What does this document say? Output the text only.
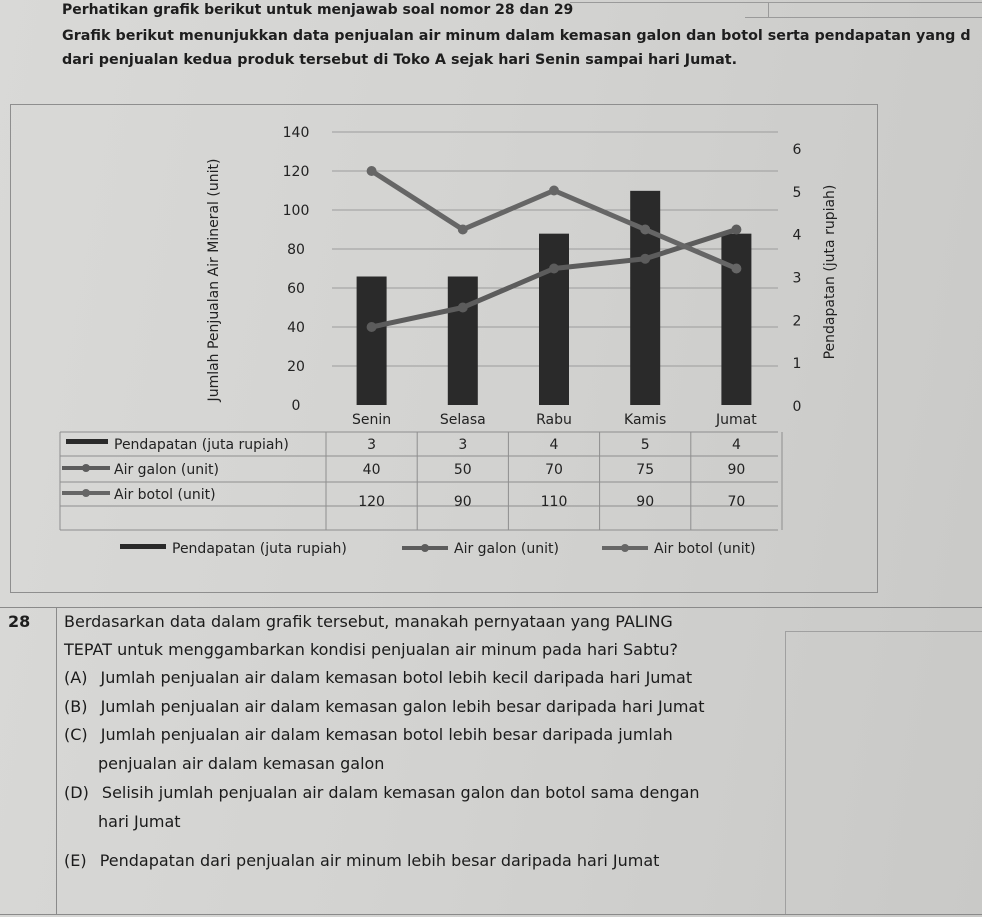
Perhatikan grafik berikut untuk menjawab soal nomor 28 dan 29
Grafik berikut menunjukkan data penjualan air minum dalam kemasan galon dan botol serta pendapatan yang d
dari penjualan kedua produk tersebut di Toko A sejak hari Senin sampai hari Jumat.
0
20
40
60
80
100
120
140
0
1
2
3
4
5
6
Jumlah Penjualan Air Mineral (unit)	Pendapatan (juta rupiah)
Senin	Selasa	Rabu	Kamis	Jumat
Pendapatan (juta rupiah)	3	3	4	5	4
Air galon (unit)	40	50	70	75	90
Air botol (unit)	120	90	110	90	70
Pendapatan (juta rupiah)	Air galon (unit)	Air botol (unit)
28 Berdasarkan data dalam grafik tersebut, manakah pernyataan yang PALING
TEPAT untuk menggambarkan kondisi penjualan air minum pada hari Sabtu?
(A) Jumlah penjualan air dalam kemasan botol lebih kecil daripada hari Jumat
(B) Jumlah penjualan air dalam kemasan galon lebih besar daripada hari Jumat
(C) Jumlah penjualan air dalam kemasan botol lebih besar daripada jumlah
penjualan air dalam kemasan galon
(D) Selisih jumlah penjualan air dalam kemasan galon dan botol sama dengan
hari Jumat
(E) Pendapatan dari penjualan air minum lebih besar daripada hari Jumat
